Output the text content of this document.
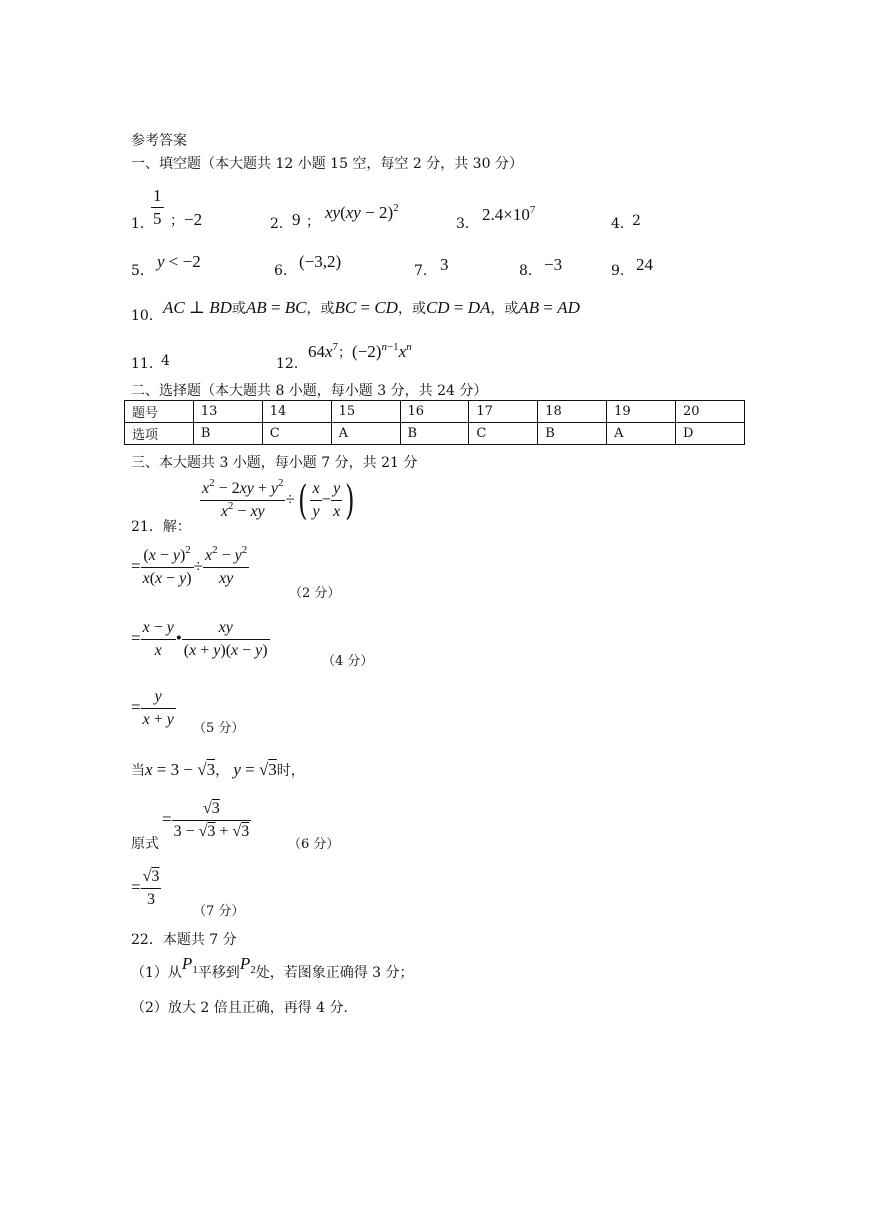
参考答案
一、填空题（本大题共 12 小题 15 空，每空 2 分，共 30 分）
1．
$\frac{1}{5}$ ；−2	2． 9 ； xy(xy − 2)$^2$
3． $2.4\times 10^7$
4．
2
5． y < −2	6． (−3,2)	7． 3	8． −3	9． 24
10． AC ⊥ BD或AB = BC，或BC = CD，或CD = DA，或AB = AD
11．
4	12．
$64x^7$；$(-2)^{n-1}x^n$
二、选择题（本大题共 8 小题，每小题 3 分，共 24 分）
题号	13	14	15	16	17	18	19	20
选项	B	C	A	B	C	B	A	D
三、本大题共 3 小题，每小题 7 分，共 21 分
$\frac{x^2 - 2xy + y^2}{x^2 - xy}$ ÷( $\frac{x}{y} - \frac{y}{x}$ )
21．解：
= $\frac{(x - y)^2}{x(x - y)} \div \frac{x^2 - y^2}{xy}$
（2 分）
= $\frac{x - y}{x}$ • $\frac{xy}{(x + y)(x - y)}$	（4 分）
= $\frac{y}{x + y} (5$ 分）
当x = 3 − √3， y = √3时，
原式
= $\frac{√3}{3 - √3 + √3}$
（6 分）
= $\frac{√3}{3}$
（7 分）
22．本题共 7 分
（1）从$P_1$平移到$P_2$处，若图象正确得 3 分；
（2）放大 2 倍且正确，再得 4 分.
